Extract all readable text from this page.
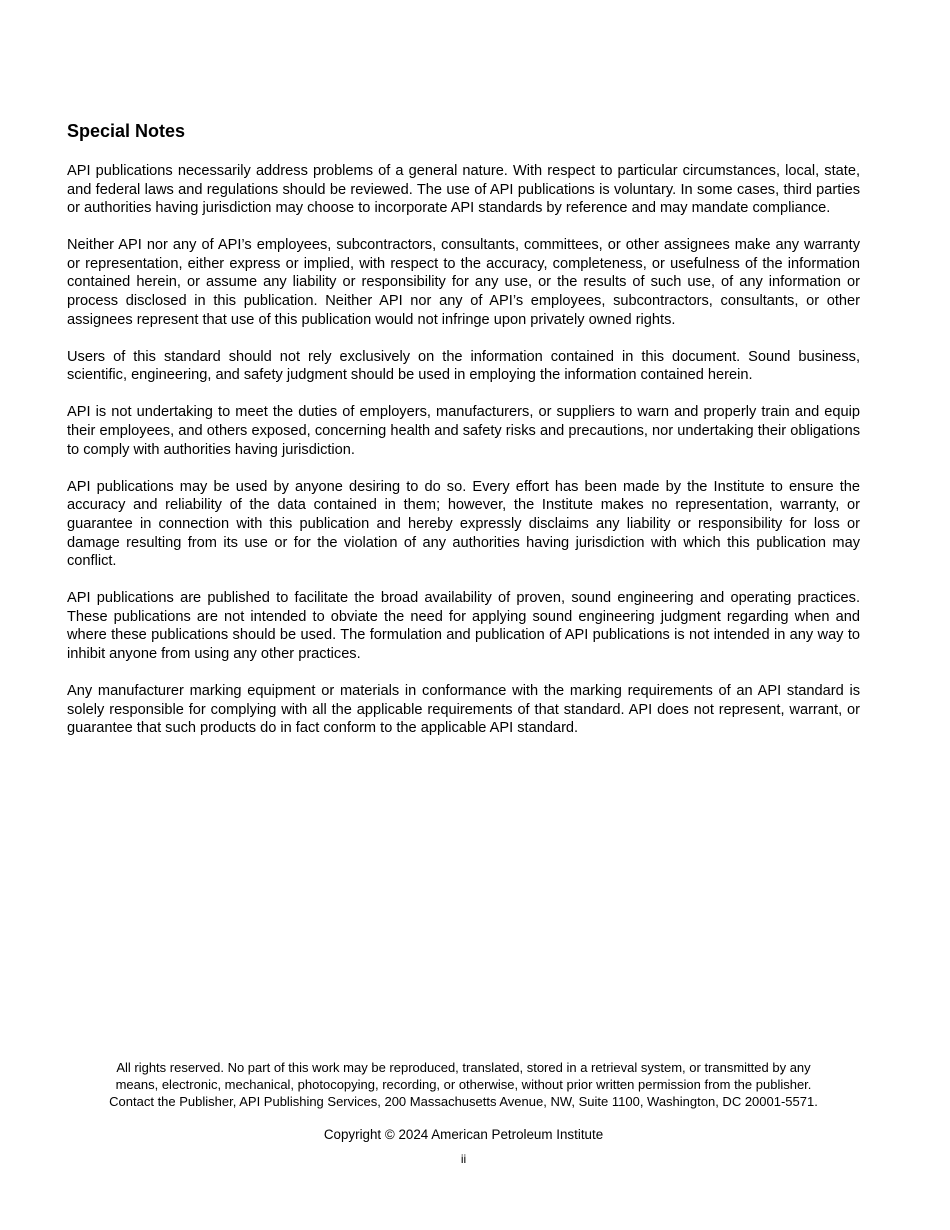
Special Notes

API publications necessarily address problems of a general nature. With respect to particular circumstances, local, state, and federal laws and regulations should be reviewed. The use of API publications is voluntary. In some cases, third parties or authorities having jurisdiction may choose to incorporate API standards by reference and may mandate compliance.

Neither API nor any of API’s employees, subcontractors, consultants, committees, or other assignees make any warranty or representation, either express or implied, with respect to the accuracy, completeness, or usefulness of the information contained herein, or assume any liability or responsibility for any use, or the results of such use, of any information or process disclosed in this publication. Neither API nor any of API’s employees, subcontractors, consultants, or other assignees represent that use of this publication would not infringe upon privately owned rights.

Users of this standard should not rely exclusively on the information contained in this document. Sound business, scientific, engineering, and safety judgment should be used in employing the information contained herein.

API is not undertaking to meet the duties of employers, manufacturers, or suppliers to warn and properly train and equip their employees, and others exposed, concerning health and safety risks and precautions, nor undertaking their obligations to comply with authorities having jurisdiction.

API publications may be used by anyone desiring to do so. Every effort has been made by the Institute to ensure the accuracy and reliability of the data contained in them; however, the Institute makes no representation, warranty, or guarantee in connection with this publication and hereby expressly disclaims any liability or responsibility for loss or damage resulting from its use or for the violation of any authorities having jurisdiction with which this publication may conflict.

API publications are published to facilitate the broad availability of proven, sound engineering and operating practices. These publications are not intended to obviate the need for applying sound engineering judgment regarding when and where these publications should be used. The formulation and publication of API publications is not intended in any way to inhibit anyone from using any other practices.

Any manufacturer marking equipment or materials in conformance with the marking requirements of an API standard is solely responsible for complying with all the applicable requirements of that standard. API does not represent, warrant, or guarantee that such products do in fact conform to the applicable API standard.

All rights reserved. No part of this work may be reproduced, translated, stored in a retrieval system, or transmitted by any
means, electronic, mechanical, photocopying, recording, or otherwise, without prior written permission from the publisher.
Contact the Publisher, API Publishing Services, 200 Massachusetts Avenue, NW, Suite 1100, Washington, DC 20001-5571.
Copyright © 2024 American Petroleum Institute
ii
